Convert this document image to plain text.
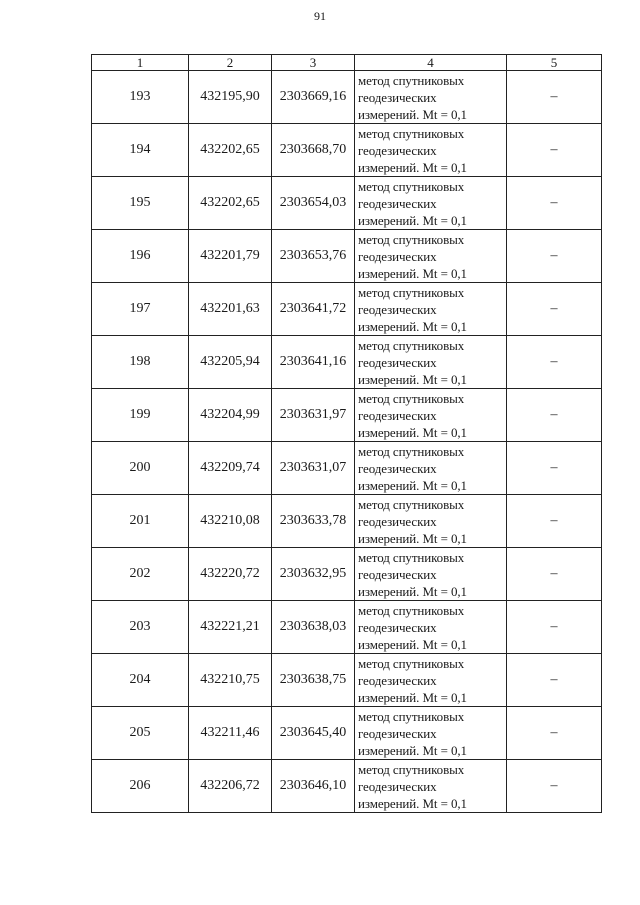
91
1	2	3	4	5
193	432195,90	2303669,16	метод спутниковых
геодезических
измерений. Mt = 0,1	–
194	432202,65	2303668,70	метод спутниковых
геодезических
измерений. Mt = 0,1	–
195	432202,65	2303654,03	метод спутниковых
геодезических
измерений. Mt = 0,1	–
196	432201,79	2303653,76	метод спутниковых
геодезических
измерений. Mt = 0,1	–
197	432201,63	2303641,72	метод спутниковых
геодезических
измерений. Mt = 0,1	–
198	432205,94	2303641,16	метод спутниковых
геодезических
измерений. Mt = 0,1	–
199	432204,99	2303631,97	метод спутниковых
геодезических
измерений. Mt = 0,1	–
200	432209,74	2303631,07	метод спутниковых
геодезических
измерений. Mt = 0,1	–
201	432210,08	2303633,78	метод спутниковых
геодезических
измерений. Mt = 0,1	–
202	432220,72	2303632,95	метод спутниковых
геодезических
измерений. Mt = 0,1	–
203	432221,21	2303638,03	метод спутниковых
геодезических
измерений. Mt = 0,1	–
204	432210,75	2303638,75	метод спутниковых
геодезических
измерений. Mt = 0,1	–
205	432211,46	2303645,40	метод спутниковых
геодезических
измерений. Mt = 0,1	–
206	432206,72	2303646,10	метод спутниковых
геодезических
измерений. Mt = 0,1	–
